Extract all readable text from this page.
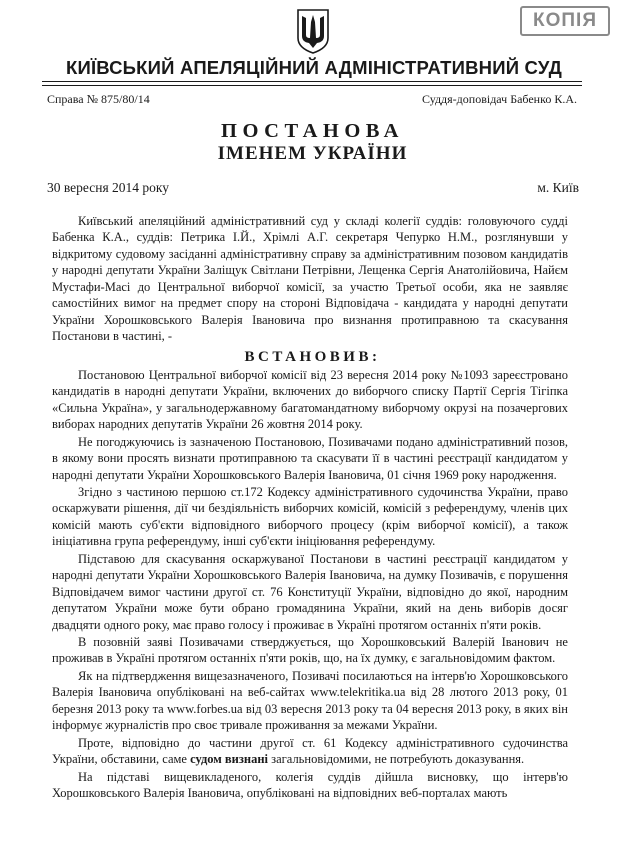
КОПІЯ
КИЇВСЬКИЙ АПЕЛЯЦІЙНИЙ АДМІНІСТРАТИВНИЙ СУД
Справа № 875/80/14	Суддя-доповідач Бабенко К.А.
ПОСТАНОВА
ІМЕНЕМ УКРАЇНИ
30 вересня 2014 року	м. Київ

Київський апеляційний адміністративний суд у складі колегії суддів: головуючого судді Бабенка К.А., суддів: Петрика І.Й., Хрімлі А.Г. секретаря Чепурко Н.М., розглянувши у відкритому судовому засіданні адміністративну справу за адміністративним позовом кандидатів у народні депутати України Заліщук Світлани Петрівни, Лещенка Сергія Анатолійовича, Найєм Мустафи-Масі до Центральної виборчої комісії, за участю Третьої особи, яка не заявляє самостійних вимог на предмет спору на стороні Відповідача - кандидата у народні депутати України Хорошковського Валерія Івановича про визнання протиправною та скасування Постанови в частині, -

ВСТАНОВИВ:

Постановою Центральної виборчої комісії від 23 вересня 2014 року №1093 зареєстровано кандидатів в народні депутати України, включених до виборчого списку Партії Сергія Тігіпка «Сильна Україна», у загальнодержавному багатомандатному виборчому окрузі на позачергових виборах народних депутатів України 26 жовтня 2014 року.

Не погоджуючись із зазначеною Постановою, Позивачами подано адміністративний позов, в якому вони просять визнати протиправною та скасувати її в частині реєстрації кандидатом у народні депутати України Хорошковського Валерія Івановича, 01 січня 1969 року народження.

Згідно з частиною першою ст.172 Кодексу адміністративного судочинства України, право оскаржувати рішення, дії чи бездіяльність виборчих комісій, комісій з референдуму, членів цих комісій мають суб'єкти відповідного виборчого процесу (крім виборчої комісії), а також ініціативна група референдуму, інші суб'єкти ініціювання референдуму.

Підставою для скасування оскаржуваної Постанови в частині реєстрації кандидатом у народні депутати України Хорошковського Валерія Івановича, на думку Позивачів, є порушення Відповідачем вимог частини другої ст. 76 Конституції України, відповідно до якої, народним депутатом України може бути обрано громадянина України, який на день виборів досяг двадцяти одного року, має право голосу і проживає в Україні протягом останніх п'яти років.

В позовній заяві Позивачами стверджується, що Хорошковський Валерій Іванович не проживав в Україні протягом останніх п'яти років, що, на їх думку, є загальновідомим фактом.

Як на підтвердження вищезазначеного, Позивачі посилаються на інтерв'ю Хорошковського Валерія Івановича опубліковані на веб-сайтах www.telekritika.ua від 28 лютого 2013 року, 01 березня 2013 року та www.forbes.ua від 03 вересня 2013 року та 04 вересня 2013 року, в яких він інформує журналістів про своє тривале проживання за межами України.

Проте, відповідно до частини другої ст. 61 Кодексу адміністративного судочинства України, обставини, саме судом визнані загальновідомими, не потребують доказування.

На підставі вищевикладеного, колегія суддів дійшла висновку, що інтерв'ю Хорошковського Валерія Івановича, опубліковані на відповідних веб-порталах мають
